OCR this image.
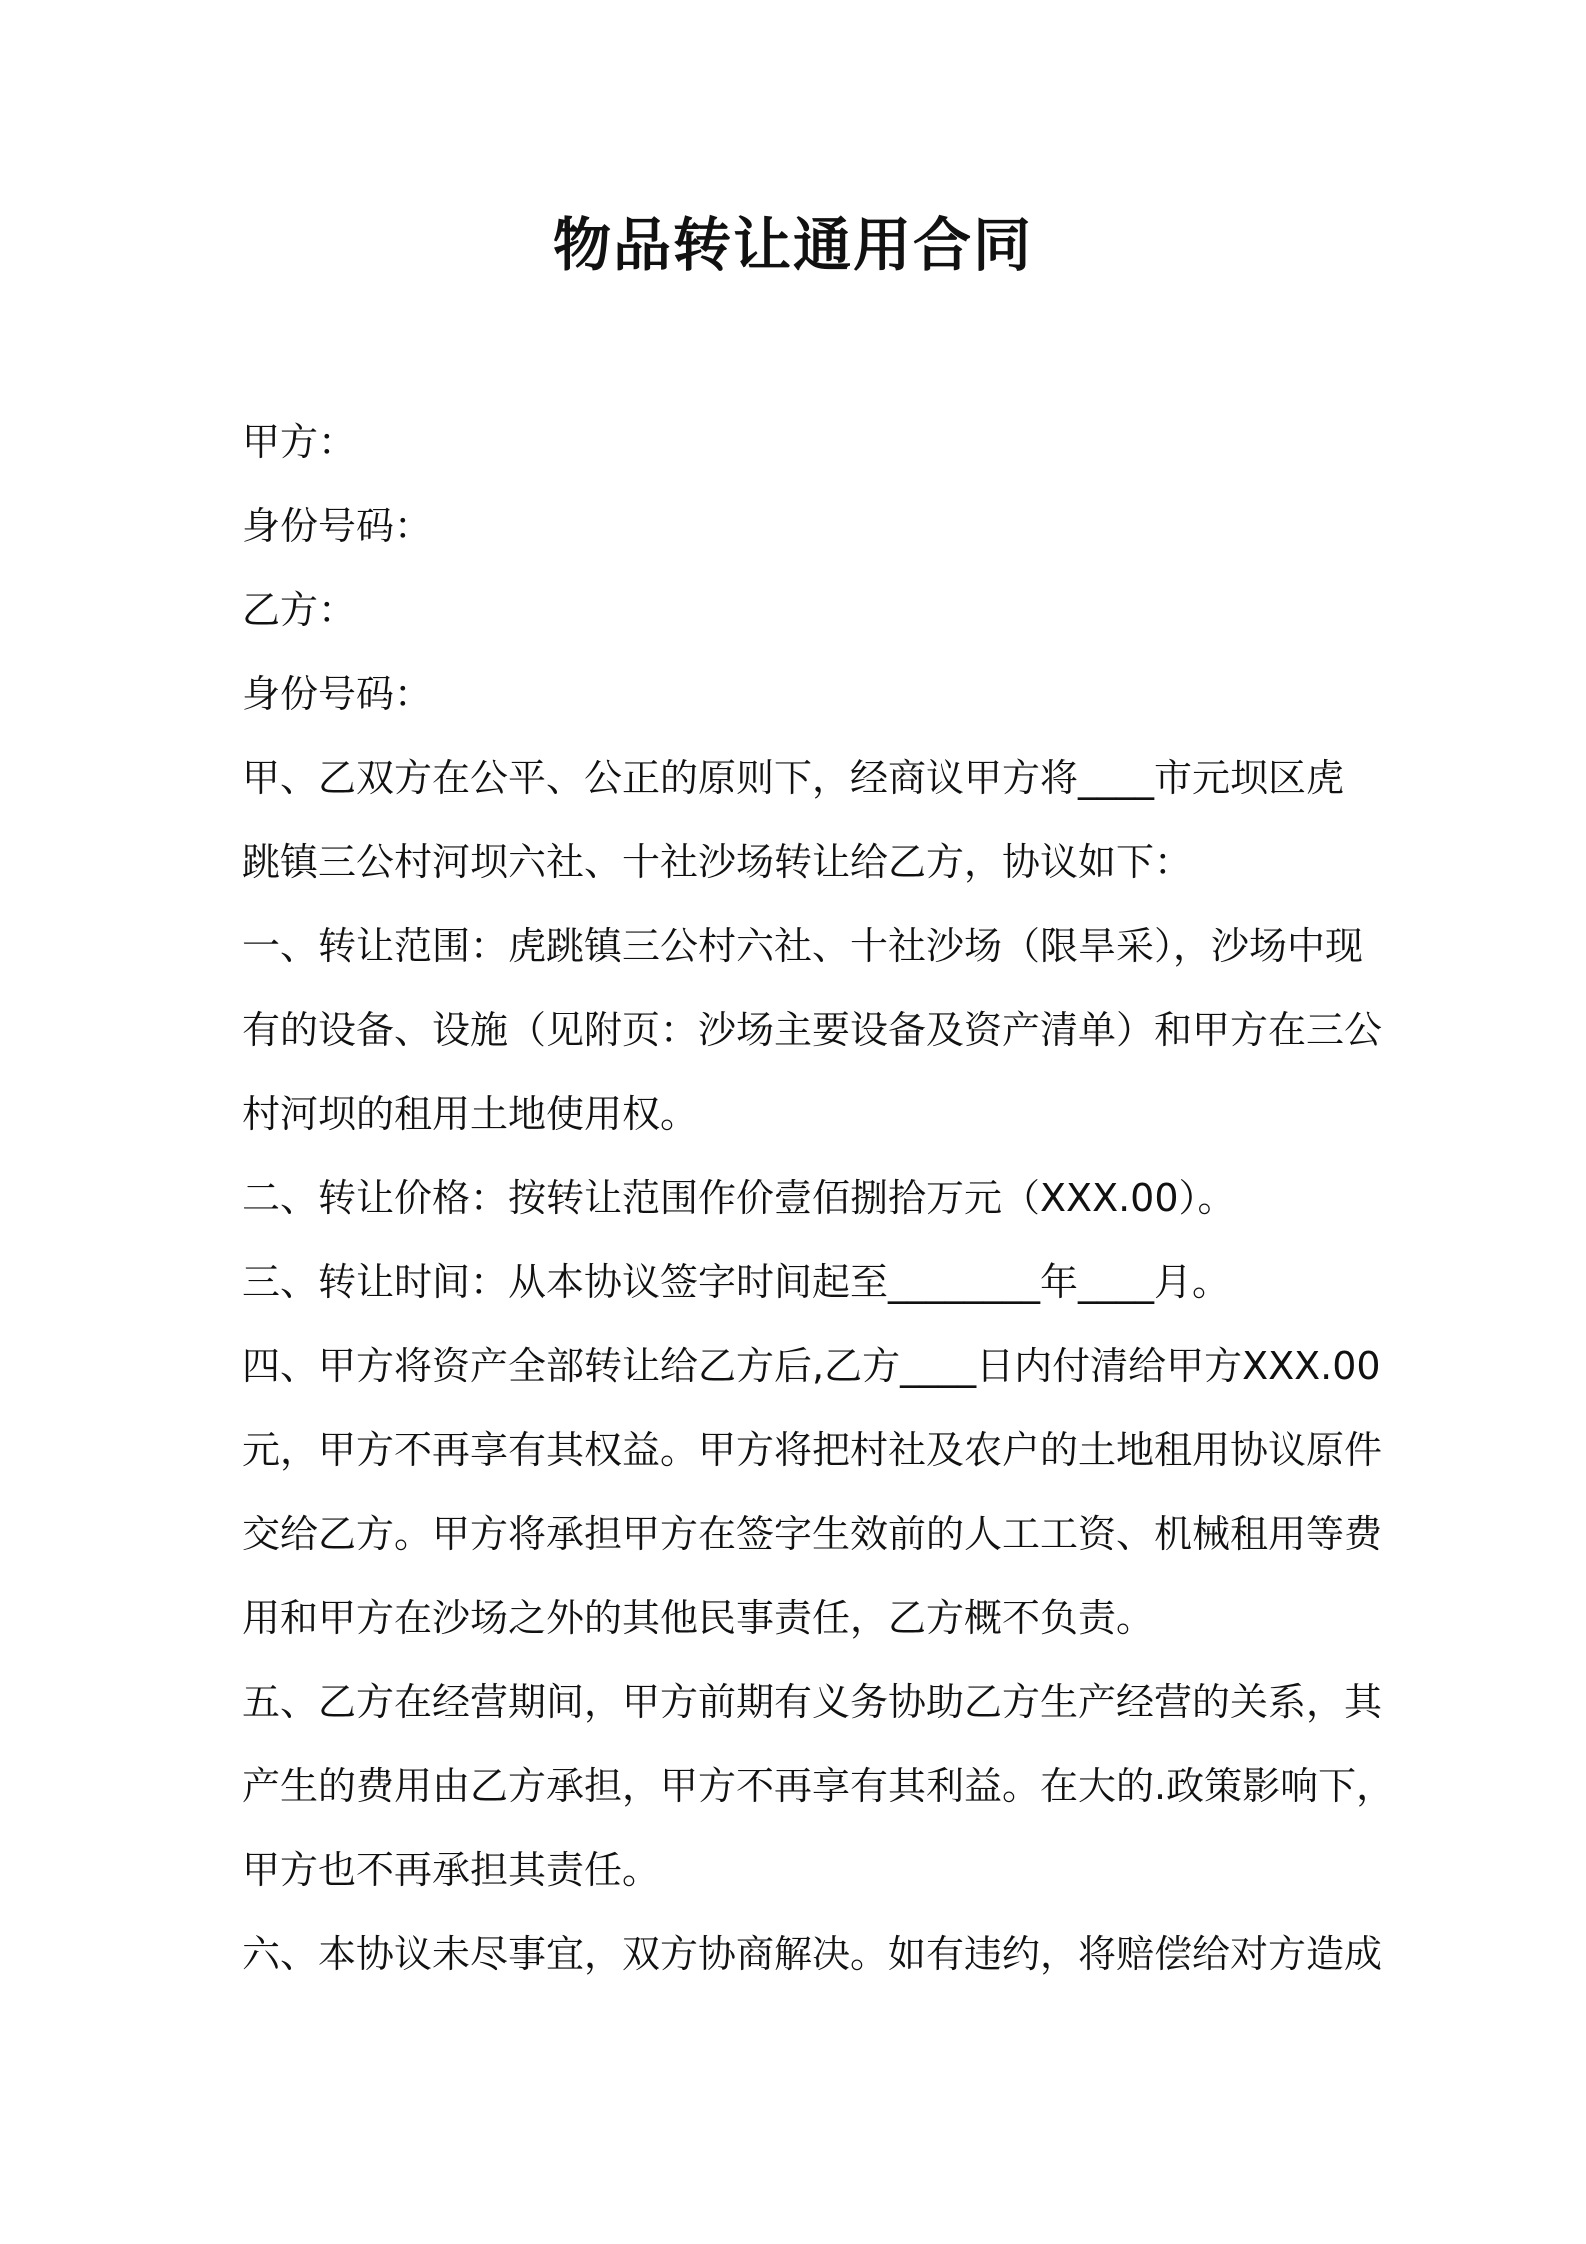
物品转让通用合同

甲方：

身份号码：

乙方：

身份号码：

甲、乙双方在公平、公正的原则下，经商议甲方将____市元坝区虎

跳镇三公村河坝六社、十社沙场转让给乙方，协议如下：

一、转让范围：虎跳镇三公村六社、十社沙场（限旱采），沙场中现

有的设备、设施（见附页：沙场主要设备及资产清单）和甲方在三公

村河坝的租用土地使用权。

二、转让价格：按转让范围作价壹佰捌拾万元（XXX.00）。

三、转让时间：从本协议签字时间起至________年____月。

四、甲方将资产全部转让给乙方后,乙方____日内付清给甲方XXX.00

元，甲方不再享有其权益。甲方将把村社及农户的土地租用协议原件

交给乙方。甲方将承担甲方在签字生效前的人工工资、机械租用等费

用和甲方在沙场之外的其他民事责任，乙方概不负责。

五、乙方在经营期间，甲方前期有义务协助乙方生产经营的关系，其

产生的费用由乙方承担，甲方不再享有其利益。在大的.政策影响下，

甲方也不再承担其责任。

六、本协议未尽事宜，双方协商解决。如有违约，将赔偿给对方造成
